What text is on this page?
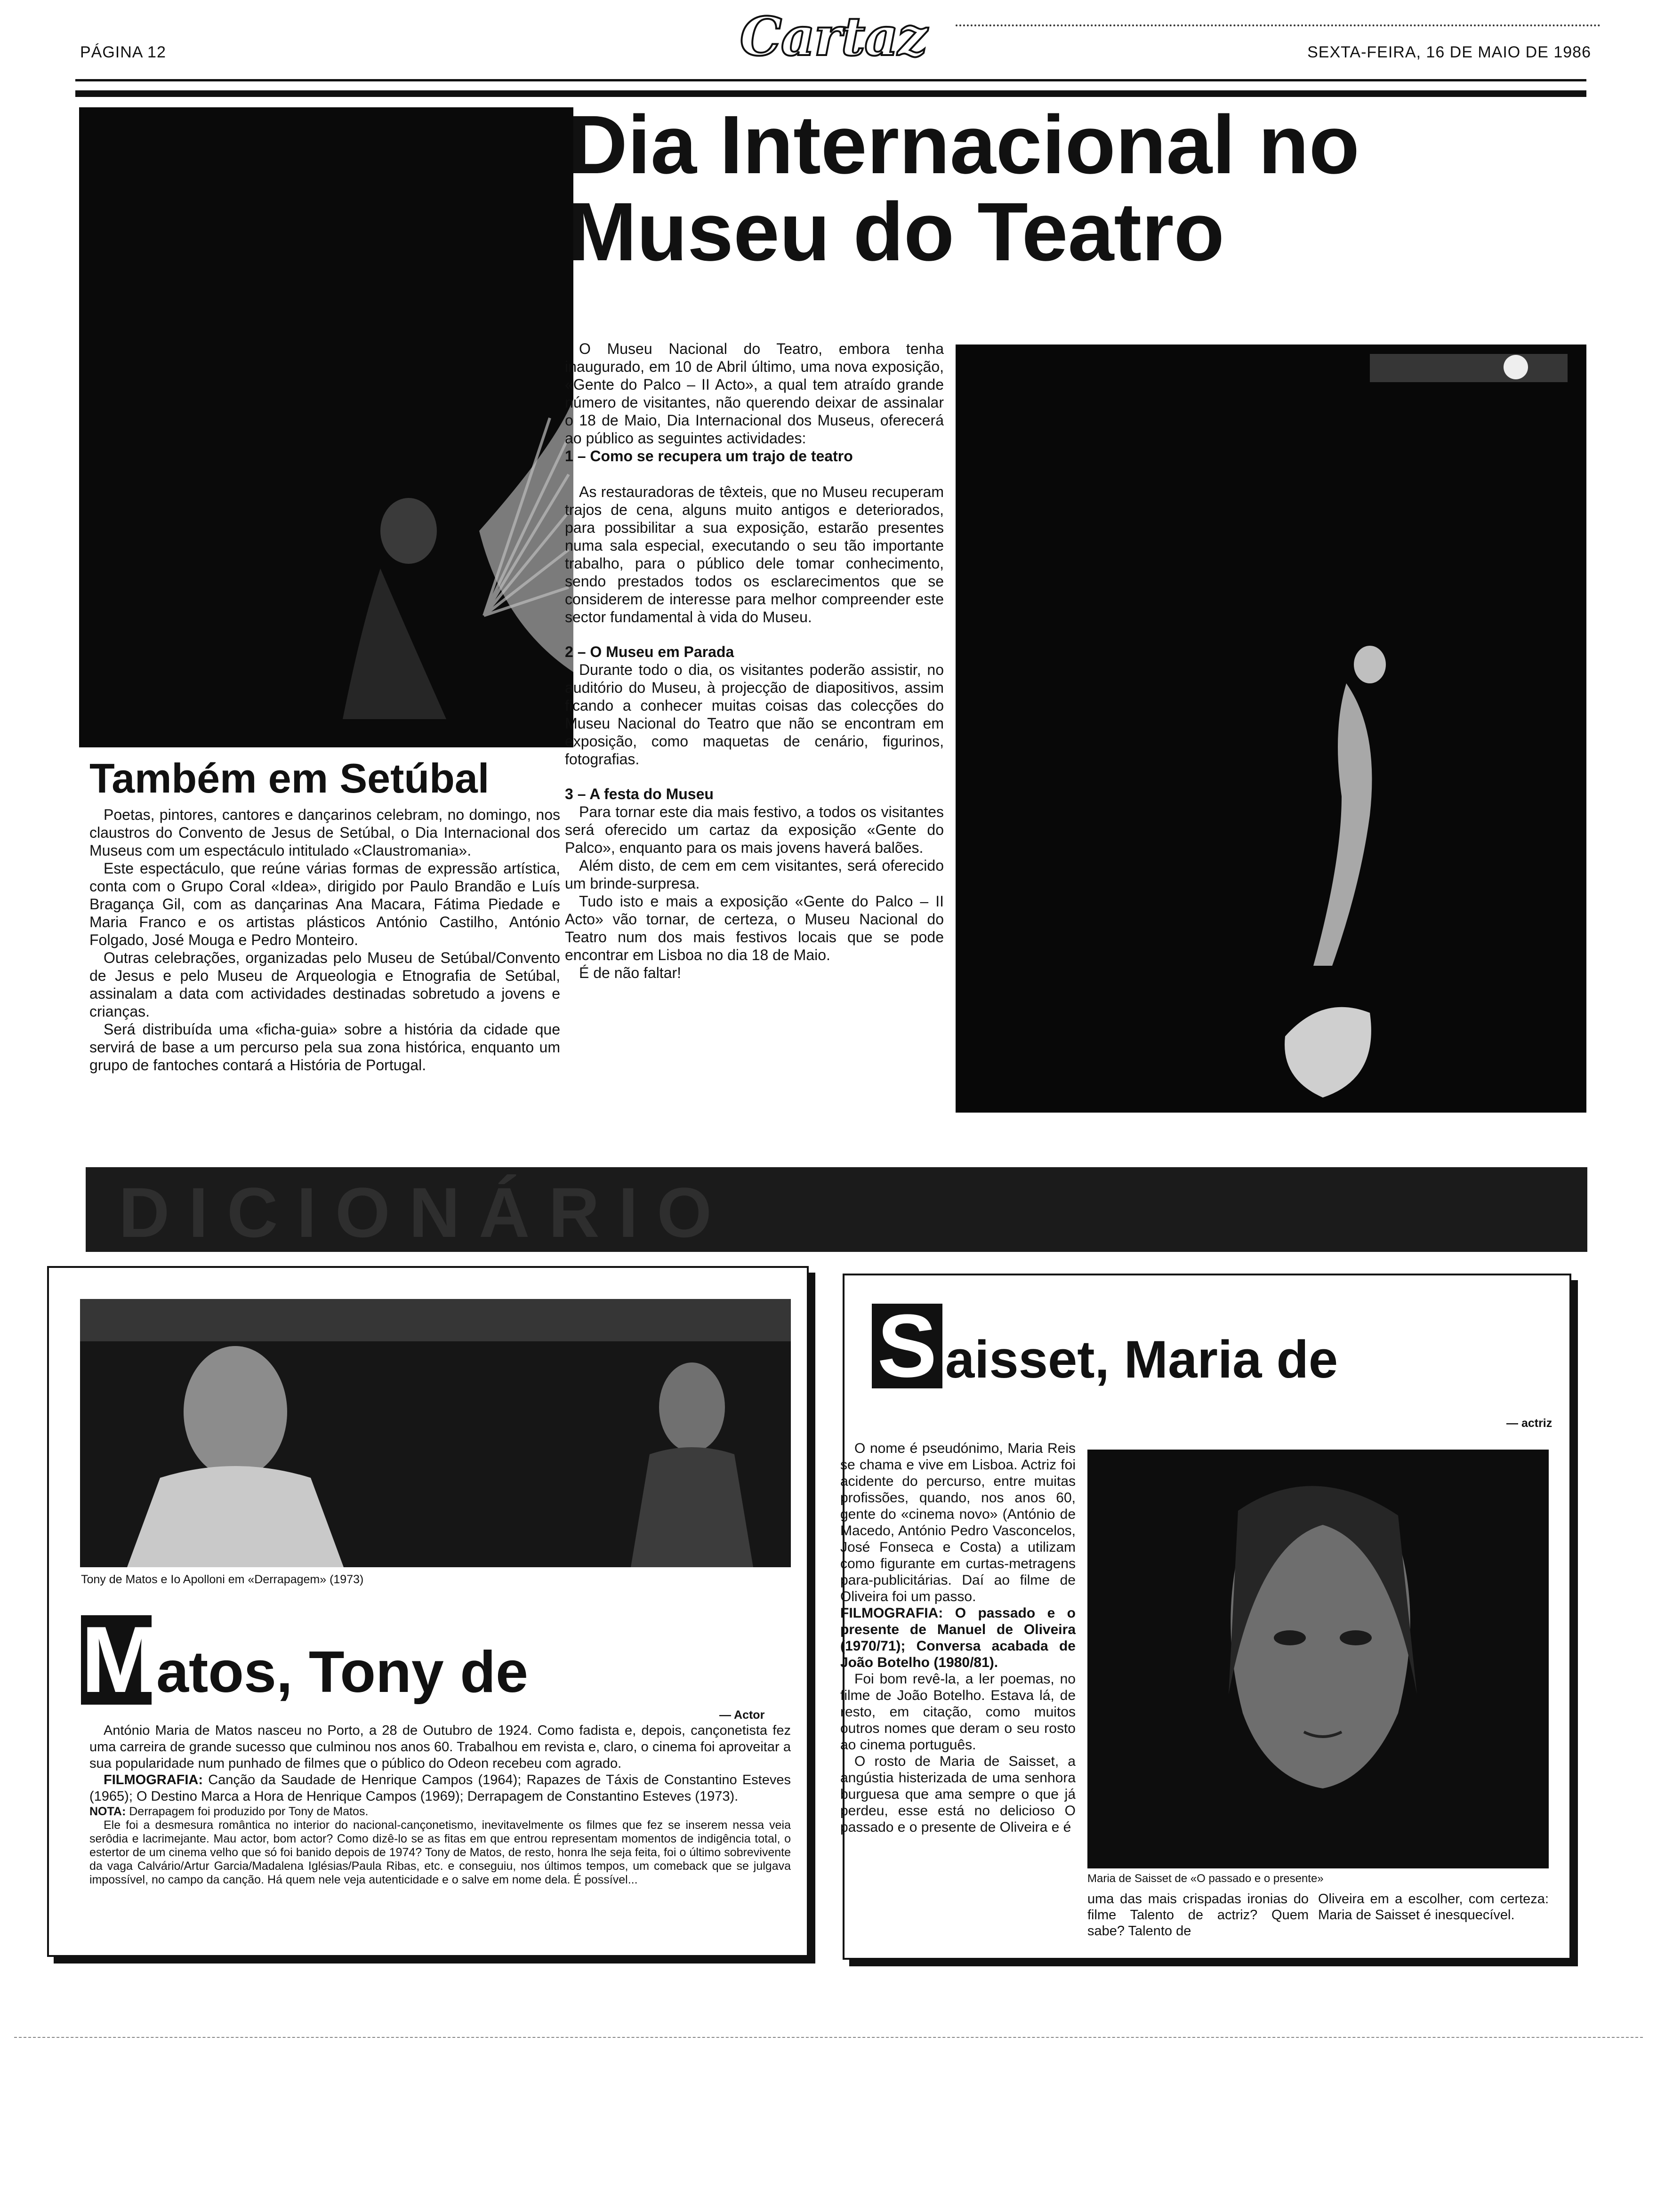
PÁGINA 12	Cartaz	SEXTA-FEIRA, 16 DE MAIO DE 1986
Dia Internacional no
Museu do Teatro

O Museu Nacional do Teatro, embora tenha inaugurado, em 10 de Abril último, uma nova exposição, «Gente do Palco – II Acto», a qual tem atraído grande número de visitantes, não querendo deixar de assinalar o 18 de Maio, Dia Internacional dos Museus, oferecerá ao público as seguintes actividades:

1 – Como se recupera um trajo de teatro

As restauradoras de têxteis, que no Museu recuperam trajos de cena, alguns muito antigos e deteriorados, para possibilitar a sua exposição, estarão presentes numa sala especial, executando o seu tão importante trabalho, para o público dele tomar conhecimento, sendo prestados todos os esclarecimentos que se considerem de interesse para melhor compreender este sector fundamental à vida do Museu.

2 – O Museu em Parada

Durante todo o dia, os visitantes poderão assistir, no auditório do Museu, à projecção de diapositivos, assim ficando a conhecer muitas coisas das colecções do Museu Nacional do Teatro que não se encontram em exposição, como maquetas de cenário, figurinos, fotografias.

3 – A festa do Museu

Para tornar este dia mais festivo, a todos os visitantes será oferecido um cartaz da exposição «Gente do Palco», enquanto para os mais jovens haverá balões.

Além disto, de cem em cem visitantes, será oferecido um brinde-surpresa.

Tudo isto e mais a exposição «Gente do Palco – II Acto» vão tornar, de certeza, o Museu Nacional do Teatro num dos mais festivos locais que se pode encontrar em Lisboa no dia 18 de Maio.

É de não faltar!

Também em Setúbal

Poetas, pintores, cantores e dançarinos celebram, no domingo, nos claustros do Convento de Jesus de Setúbal, o Dia Internacional dos Museus com um espectáculo intitulado «Claustromania».

Este espectáculo, que reúne várias formas de expressão artística, conta com o Grupo Coral «Idea», dirigido por Paulo Brandão e Luís Bragança Gil, com as dançarinas Ana Macara, Fátima Piedade e Maria Franco e os artistas plásticos António Castilho, António Folgado, José Mouga e Pedro Monteiro.

Outras celebrações, organizadas pelo Museu de Setúbal/Convento de Jesus e pelo Museu de Arqueologia e Etnografia de Setúbal, assinalam a data com actividades destinadas sobretudo a jovens e crianças.

Será distribuída uma «ficha-guia» sobre a história da cidade que servirá de base a um percurso pela sua zona histórica, enquanto um grupo de fantoches contará a História de Portugal.

DICIONÁRIO
Tony de Matos e Io Apolloni em «Derrapagem» (1973)
M
atos, Tony de
— Actor

António Maria de Matos nasceu no Porto, a 28 de Outubro de 1924. Como fadista e, depois, cançonetista fez uma carreira de grande sucesso que culminou nos anos 60. Trabalhou em revista e, claro, o cinema foi aproveitar a sua popularidade num punhado de filmes que o público do Odeon recebeu com agrado.

FILMOGRAFIA: Canção da Saudade de Henrique Campos (1964); Rapazes de Táxis de Constantino Esteves (1965); O Destino Marca a Hora de Henrique Campos (1969); Derrapagem de Constantino Esteves (1973).

NOTA: Derrapagem foi produzido por Tony de Matos.

Ele foi a desmesura romântica no interior do nacional-cançonetismo, inevitavelmente os filmes que fez se inserem nessa veia serôdia e lacrimejante. Mau actor, bom actor? Como dizê-lo se as fitas em que entrou representam momentos de indigência total, o estertor de um cinema velho que só foi banido depois de 1974? Tony de Matos, de resto, honra lhe seja feita, foi o último sobrevivente da vaga Calvário/Artur Garcia/Madalena Iglésias/Paula Ribas, etc. e conseguiu, nos últimos tempos, um comeback que se julgava impossível, no campo da canção. Há quem nele veja autenticidade e o salve em nome dela. É possível...

S aisset, Maria de
— actriz

O nome é pseudónimo, Maria Reis se chama e vive em Lisboa. Actriz foi acidente do percurso, entre muitas profissões, quando, nos anos 60, gente do «cinema novo» (António de Macedo, António Pedro Vasconcelos, José Fonseca e Costa) a utilizam como figurante em curtas-metragens para-publicitárias. Daí ao filme de Oliveira foi um passo.

FILMOGRAFIA: O passado e o presente de Manuel de Oliveira (1970/71); Conversa acabada de João Botelho (1980/81).

Foi bom revê-la, a ler poemas, no filme de João Botelho. Estava lá, de resto, em citação, como muitos outros nomes que deram o seu rosto ao cinema português.

O rosto de Maria de Saisset, a angústia histerizada de uma senhora burguesa que ama sempre o que já perdeu, esse está no delicioso O passado e o presente de Oliveira e é

Maria de Saisset de «O passado e o presente»

uma das mais crispadas ironias do filme Talento de actriz? Quem sabe? Talento de

Oliveira em a escolher, com certeza: Maria de Saisset é inesquecível.
